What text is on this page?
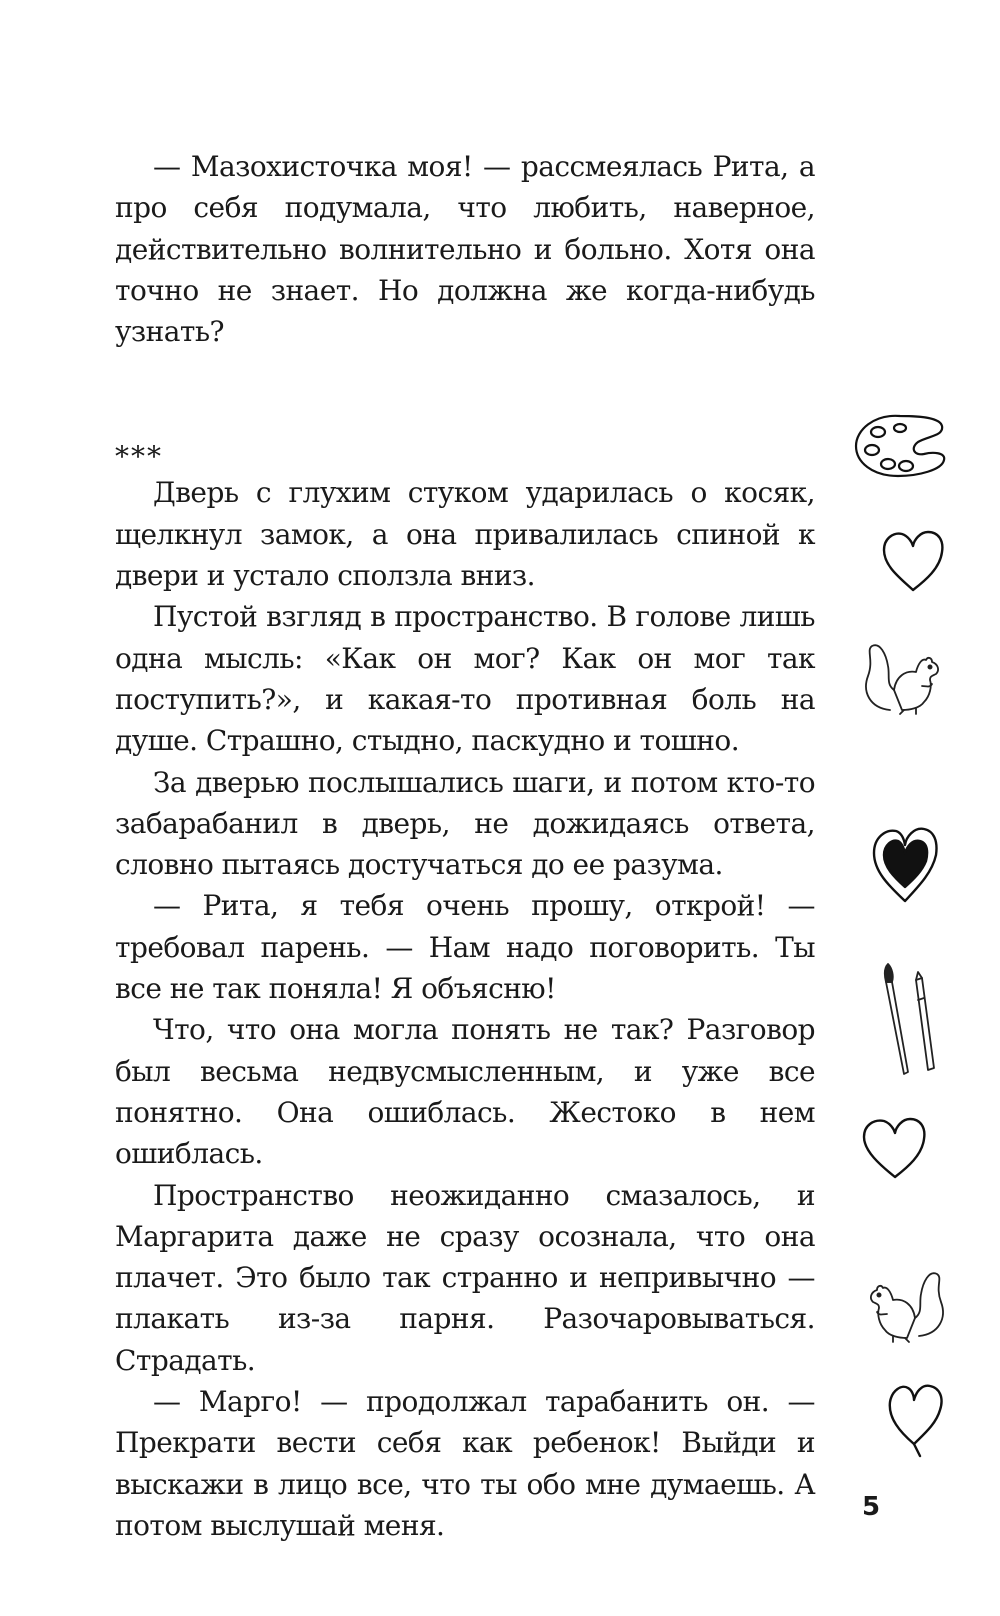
— Мазохисточка моя! — рассмеялась Рита, а про себя подумала, что любить, наверное, действительно волнительно и больно. Хотя она точно не знает. Но должна же когда-нибудь узнать?

***

Дверь с глухим стуком ударилась о косяк, щелкнул замок, а она привалилась спиной к двери и устало сползла вниз.

Пустой взгляд в пространство. В голове лишь одна мысль: «Как он мог? Как он мог так поступить?», и какая-то противная боль на душе. Страшно, стыдно, паскудно и тошно.

За дверью послышались шаги, и потом кто-то забарабанил в дверь, не дожидаясь ответа, словно пытаясь достучаться до ее разума.

— Рита, я тебя очень прошу, открой! — требовал парень. — Нам надо поговорить. Ты все не так поняла! Я объясню!

Что, что она могла понять не так? Разговор был весьма недвусмысленным, и уже все понятно. Она ошиблась. Жестоко в нем ошиблась.

Пространство неожиданно смазалось, и Маргарита даже не сразу осознала, что она плачет. Это было так странно и непривычно — плакать из-за парня. Разочаровываться. Страдать.

— Марго! — продолжал тарабанить он. — Прекрати вести себя как ребенок! Выйди и выскажи в лицо все, что ты обо мне думаешь. А потом выслушай меня.

5
